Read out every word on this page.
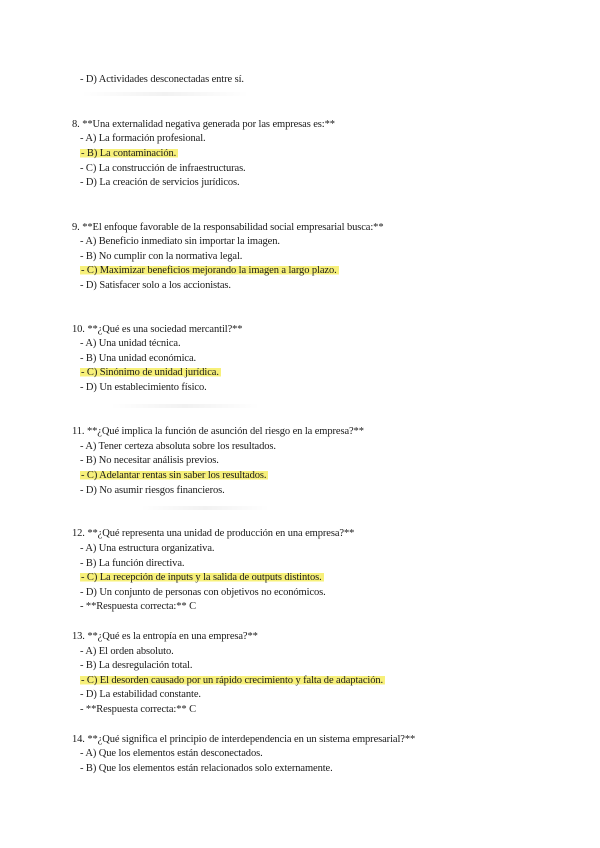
- D) Actividades desconectadas entre sí.
8. **Una externalidad negativa generada por las empresas es:**
- A) La formación profesional.
- B) La contaminación.
- C) La construcción de infraestructuras.
- D) La creación de servicios jurídicos.
9. **El enfoque favorable de la responsabilidad social empresarial busca:**
- A) Beneficio inmediato sin importar la imagen.
- B) No cumplir con la normativa legal.
- C) Maximizar beneficios mejorando la imagen a largo plazo.
- D) Satisfacer solo a los accionistas.
10. **¿Qué es una sociedad mercantil?**
- A) Una unidad técnica.
- B) Una unidad económica.
- C) Sinónimo de unidad jurídica.
- D) Un establecimiento físico.
11. **¿Qué implica la función de asunción del riesgo en la empresa?**
- A) Tener certeza absoluta sobre los resultados.
- B) No necesitar análisis previos.
- C) Adelantar rentas sin saber los resultados.
- D) No asumir riesgos financieros.
12. **¿Qué representa una unidad de producción en una empresa?**
- A) Una estructura organizativa.
- B) La función directiva.
- C) La recepción de inputs y la salida de outputs distintos.
- D) Un conjunto de personas con objetivos no económicos.
- **Respuesta correcta:** C
13. **¿Qué es la entropía en una empresa?**
- A) El orden absoluto.
- B) La desregulación total.
- C) El desorden causado por un rápido crecimiento y falta de adaptación.
- D) La estabilidad constante.
- **Respuesta correcta:** C
14. **¿Qué significa el principio de interdependencia en un sistema empresarial?**
- A) Que los elementos están desconectados.
- B) Que los elementos están relacionados solo externamente.
